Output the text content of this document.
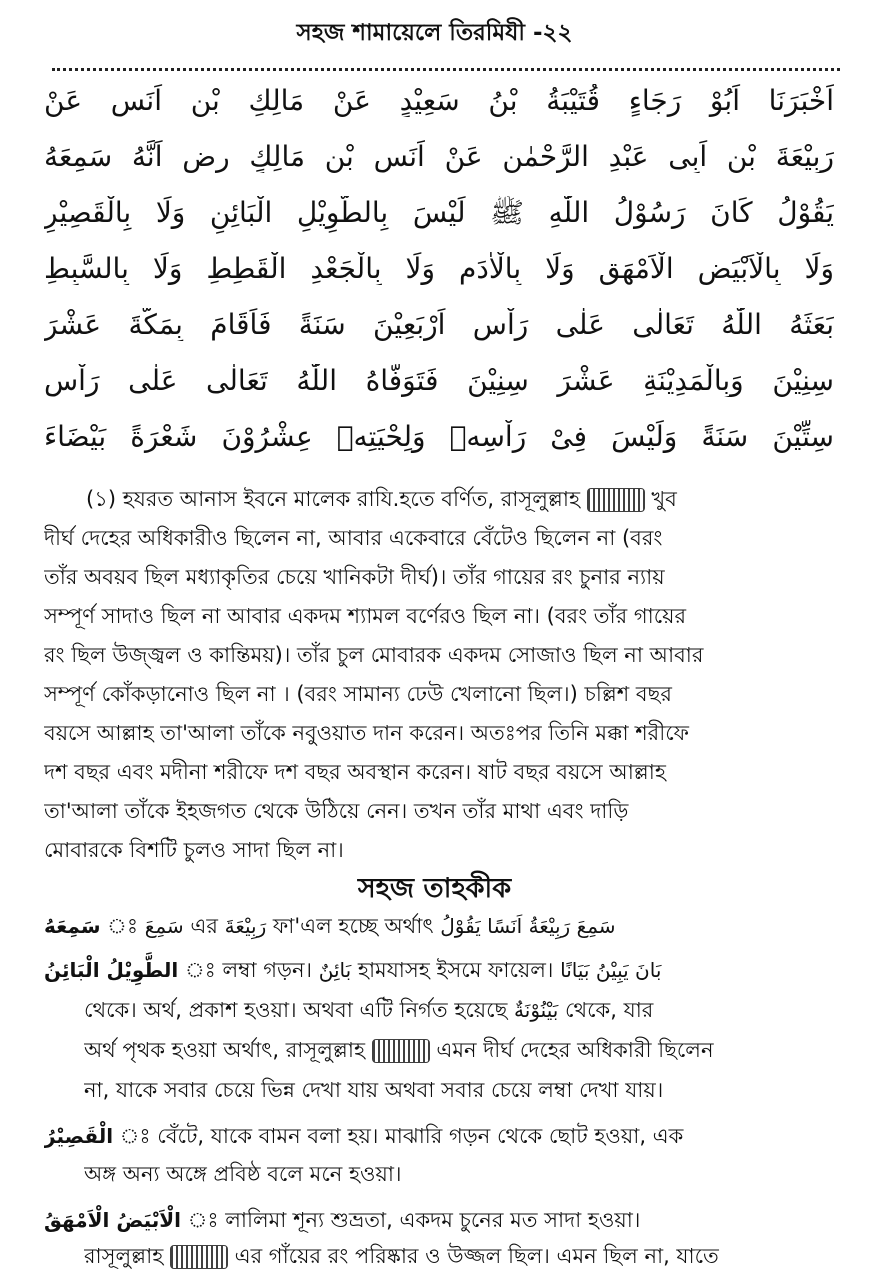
সহজ শামায়েলে তিরমিযী -২২
اَخْبَرَنَا اَبُوْ رَجَاءٍ قُتَيْبَةُ بْنُ سَعِيْدٍ عَنْ مَالِكِ بْنِ اَنَسٍ عَنْ
رَبِيْعَةَ بْنِ اَبِى عَبْدِ الرَّحْمٰنِ عَنْ اَنَسِ بْنِ مَالِكٍ رض اَنَّهُ سَمِعَهُ
يَقُوْلُ كَانَ رَسُوْلُ اللّٰهِ ﷺ لَيْسَ بِالطَّوِيْلِ الْبَائِنِ وَلَا بِالْقَصِيْرِ
وَلَا بِالْاَبْيَضِ الْاَمْهَقِ وَلَا بِالْاٰدَمِ وَلَا بِالْجَعْدِ الْقَطِطِ وَلَا بِالسَّبِطِ
بَعَثَهُ اللّٰهُ تَعَالٰى عَلٰى رَاْسِ اَرْبَعِيْنَ سَنَةً فَاَقَامَ بِمَكَّةَ عَشْرَ
سِنِيْنَ وَبِالْمَدِيْنَةِ عَشْرَ سِنِيْنَ فَتَوَفَّاهُ اللّٰهُ تَعَالٰى عَلٰى رَاْسِ
سِتِّيْنَ سَنَةً وَلَيْسَ فِىْ رَاْسِهٖ وَلِحْيَتِهٖ عِشْرُوْنَ شَعْرَةً بَيْضَاءَ
(১) হযরত আনাস ইবনে মালেক রাযি.হতে বর্ণিত, রাসূলুল্লাহ	খুব
দীর্ঘ দেহের অধিকারীও ছিলেন না, আবার একেবারে বেঁটেও ছিলেন না (বরং
তাঁর অবয়ব ছিল মধ্যাকৃতির চেয়ে খানিকটা দীর্ঘ)। তাঁর গায়ের রং চুনার ন্যায়
সম্পূর্ণ সাদাও ছিল না আবার একদম শ্যামল বর্ণেরও ছিল না। (বরং তাঁর গায়ের
রং ছিল উজ্জ্বল ও কান্তিময়)। তাঁর চুল মোবারক একদম সোজাও ছিল না আবার
সম্পূর্ণ কোঁকড়ানোও ছিল না । (বরং সামান্য ঢেউ খেলানো ছিল।) চল্লিশ বছর
বয়সে আল্লাহ তা'আলা তাঁকে নবুওয়াত দান করেন। অতঃপর তিনি মক্কা শরীফে
দশ বছর এবং মদীনা শরীফে দশ বছর অবস্থান করেন। ষাট বছর বয়সে আল্লাহ
তা'আলা তাঁকে ইহজগত থেকে উঠিয়ে নেন। তখন তাঁর মাথা এবং দাড়ি
মোবারকে বিশটি চুলও সাদা ছিল না।
সহজ তাহকীক
سَمِعَهُ ঃ سَمِعَ এর رَبِيْعَةَ ফা'এল হচ্ছে অর্থাৎ سَمِعَ رَبِيْعَةُ اَنَسًا يَقُوْلُ
الطَّوِيْلُ الْبَائِنُ ঃ লম্বা গড়ন। بَائِنٌ হামযাসহ ইসমে ফায়েল। بَانَ يَبِيْنُ بَيَانًا
থেকে। অর্থ, প্রকাশ হওয়া। অথবা এটি নির্গত হয়েছে بَيْنُوْنَةٌ থেকে, যার
অর্থ পৃথক হওয়া অর্থাৎ, রাসূলুল্লাহ	এমন দীর্ঘ দেহের অধিকারী ছিলেন
না, যাকে সবার চেয়ে ভিন্ন দেখা যায় অথবা সবার চেয়ে লম্বা দেখা যায়।
الْقَصِيْرُ ঃ বেঁটে, যাকে বামন বলা হয়। মাঝারি গড়ন থেকে ছোট হওয়া, এক
অঙ্গ অন্য অঙ্গে প্রবিষ্ঠ বলে মনে হওয়া।
الْاَبْيَضُ الْاَمْهَقُ ঃ লালিমা শূন্য শুভ্রতা, একদম চুনের মত সাদা হওয়া।
রাসূলুল্লাহ	এর গাঁয়ের রং পরিষ্কার ও উজ্জল ছিল। এমন ছিল না, যাতে
